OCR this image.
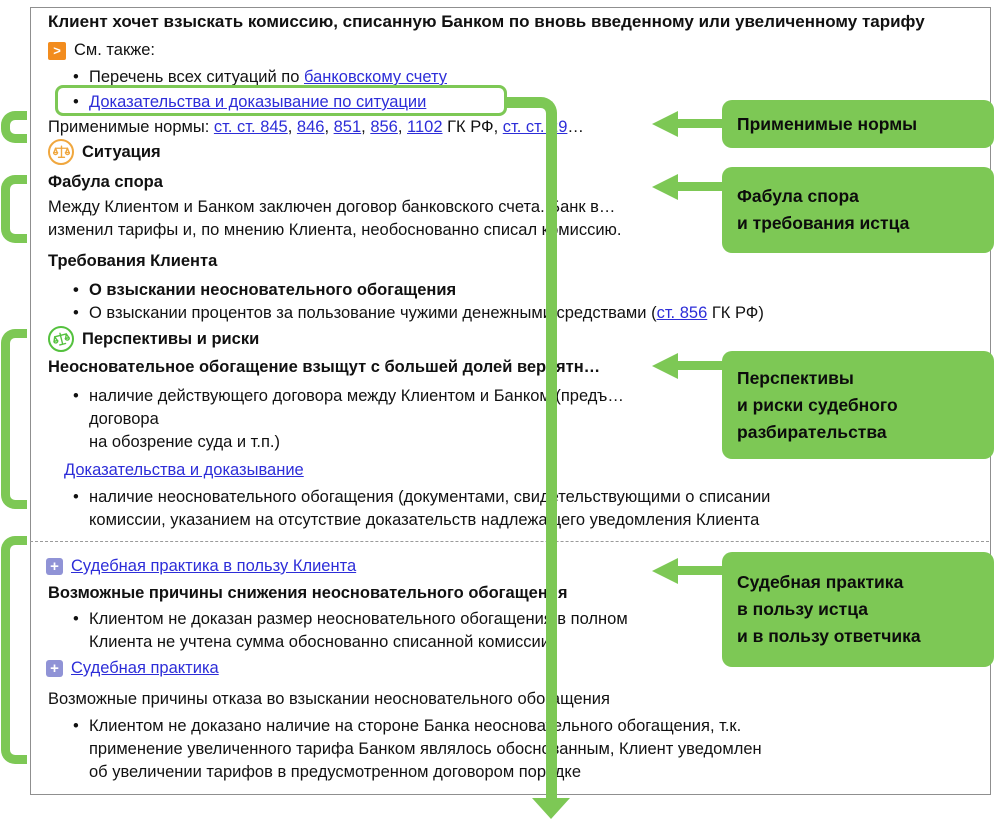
Клиент хочет взыскать комиссию, списанную Банком по вновь введенному или увеличенному тарифу
> См. также:
• Перечень всех ситуаций по банковскому счету
• Доказательства и доказывание по ситуации
Применимые нормы: ст. ст. 845, 846, 851, 856, 1102 ГК РФ, ст. ст. 29…
Ситуация
Фабула спора
Между Клиентом и Банком заключен договор банковского счета. Банк в…
изменил тарифы и, по мнению Клиента, необоснованно списал комиссию.
Требования Клиента
• О взыскании неосновательного обогащения
• О взыскании процентов за пользование чужими денежными средствами (ст. 856 ГК РФ)
Перспективы и риски
Неосновательное обогащение взыщут с большей долей вероятн…
• наличие действующего договора между Клиентом и Банком (предъ…
договора
на обозрение суда и т.п.)
Доказательства и доказывание
• наличие неосновательного обогащения (документами, свидетельствующими о списании
комиссии, указанием на отсутствие доказательств надлежащего уведомления Клиента
+ Судебная практика в пользу Клиента
Возможные причины снижения неосновательного обогащения
• Клиентом не доказан размер неосновательного обогащения в полном
Клиента не учтена сумма обоснованно списанной комиссии
+ Судебная практика
Возможные причины отказа во взыскании неосновательного обогащения
• Клиентом не доказано наличие на стороне Банка неосновательного обогащения, т.к.
применение увеличенного тарифа Банком являлось обоснованным, Клиент уведомлен
об увеличении тарифов в предусмотренном договором порядке
Применимые нормы
Фабула спора
и требования истца
Перспективы
и риски судебного
разбирательства
Судебная практика
в пользу истца
и в пользу ответчика
